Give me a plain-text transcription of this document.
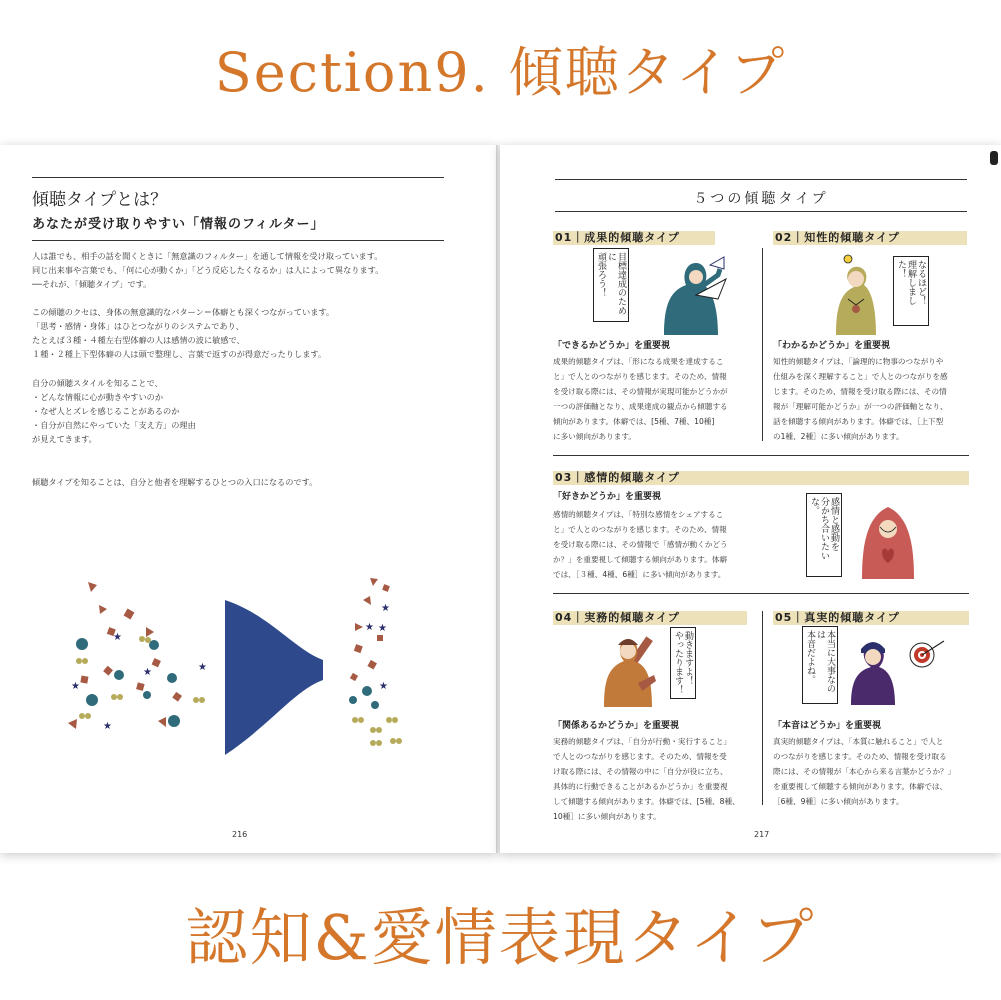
Section9. 傾聴タイプ
傾聴タイプとは？
あなたが受け取りやすい「情報のフィルター」
人は誰でも、相手の話を聞くときに「無意識のフィルター」を通して情報を受け取っています。
同じ出来事や言葉でも、「何に心が動くか」「どう反応したくなるか」は人によって異なります。
──それが、「傾聴タイプ」です。
この傾聴のクセは、身体の無意識的なパターン＝体癖とも深くつながっています。
「思考・感情・身体」はひとつながりのシステムであり、
たとえば３種・４種左右型体癖の人は感情の波に敏感で、
１種・２種上下型体癖の人は頭で整理し、言葉で返すのが得意だったりします。
自分の傾聴スタイルを知ることで、
・どんな情報に心が動きやすいのか
・なぜ人とズレを感じることがあるのか
・自分が自然にやっていた「支え方」の理由
が見えてきます。
傾聴タイプを知ることは、自分と他者を理解するひとつの入口になるのです。
★
★
★
★
★
★
★
★
★
216
５つの傾聴タイプ
01｜成果的傾聴タイプ
目標達成のために
頑張ろう！
「できるかどうか」を重要視
成果的傾聴タイプは、「形になる成果を達成するこ
と」で人とのつながりを感じます。そのため、情報
を受け取る際には、その情報が実現可能かどうかが
一つの評価軸となり、成果達成の観点から傾聴する
傾向があります。体癖では、[5種、7種、10種]
に多い傾向があります。
02｜知性的傾聴タイプ
なるほど！
理解しました！
「わかるかどうか」を重要視
知性的傾聴タイプは、「論理的に物事のつながりや
仕組みを深く理解すること」で人とのつながりを感
じます。そのため、情報を受け取る際には、その情
報が「理解可能かどうか」が一つの評価軸となり、
話を傾聴する傾向があります。体癖では、［上下型
の1種、2種］に多い傾向があります。
03｜感情的傾聴タイプ
「好きかどうか」を重要視
感情的傾聴タイプは、「特別な感情をシェアするこ
と」で人とのつながりを感じます。そのため、情報
を受け取る際には、その情報で「感情が動くかどう
か？」を重要視して傾聴する傾向があります。体癖
では、［３種、4種、6種］に多い傾向があります。
感情と感動を
分かち合いたいな。
04｜実務的傾聴タイプ
動きますよ！
やったります！
「関係あるかどうか」を重要視
実務的傾聴タイプは、「自分が行動・実行すること」
で人とのつながりを感じます。そのため、情報を受
け取る際には、その情報の中に「自分が役に立ち、
具体的に行動できることがあるかどうか」を重要視
して傾聴する傾向があります。体癖では、[5種、8種、
10種］に多い傾向があります。
05｜真実的傾聴タイプ
本当に大事なのは
本音だよね。
「本音はどうか」を重要視
真実的傾聴タイプは、「本質に触れること」で人と
のつながりを感じます。そのため、情報を受け取る
際には、その情報が「本心から来る言葉かどうか？」
を重要視して傾聴する傾向があります。体癖では、
［6種、9種］に多い傾向があります。
217
認知&愛情表現タイプ
